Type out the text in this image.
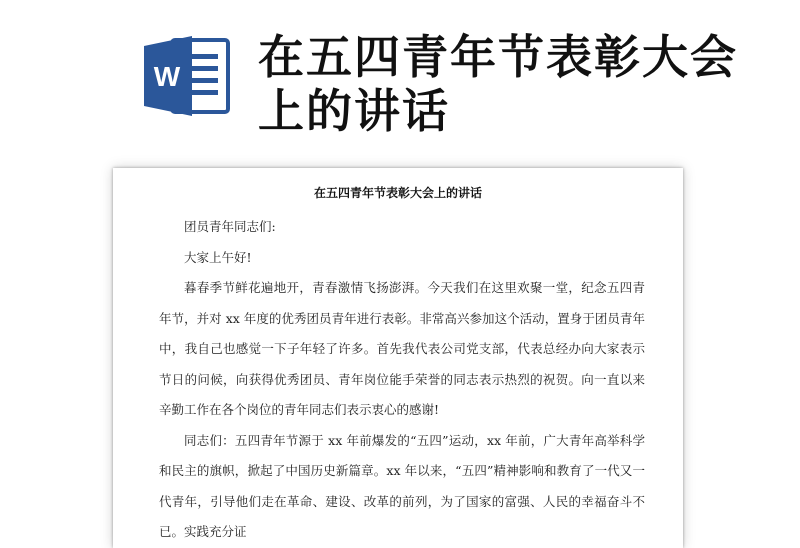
W 在五四青年节表彰大会上的讲话
在五四青年节表彰大会上的讲话

团员青年同志们:

大家上午好!

暮春季节鲜花遍地开，青春激情飞扬澎湃。今天我们在这里欢聚一堂，纪念五四青年节，并对 xx 年度的优秀团员青年进行表彰。非常高兴参加这个活动，置身于团员青年中，我自己也感觉一下子年轻了许多。首先我代表公司党支部，代表总经办向大家表示节日的问候，向获得优秀团员、青年岗位能手荣誉的同志表示热烈的祝贺。向一直以来辛勤工作在各个岗位的青年同志们表示衷心的感谢!

同志们：五四青年节源于 xx 年前爆发的“五四”运动，xx 年前，广大青年高举科学和民主的旗帜，掀起了中国历史新篇章。xx 年以来，“五四”精神影响和教育了一代又一代青年，引导他们走在革命、建设、改革的前列，为了国家的富强、人民的幸福奋斗不已。实践充分证
